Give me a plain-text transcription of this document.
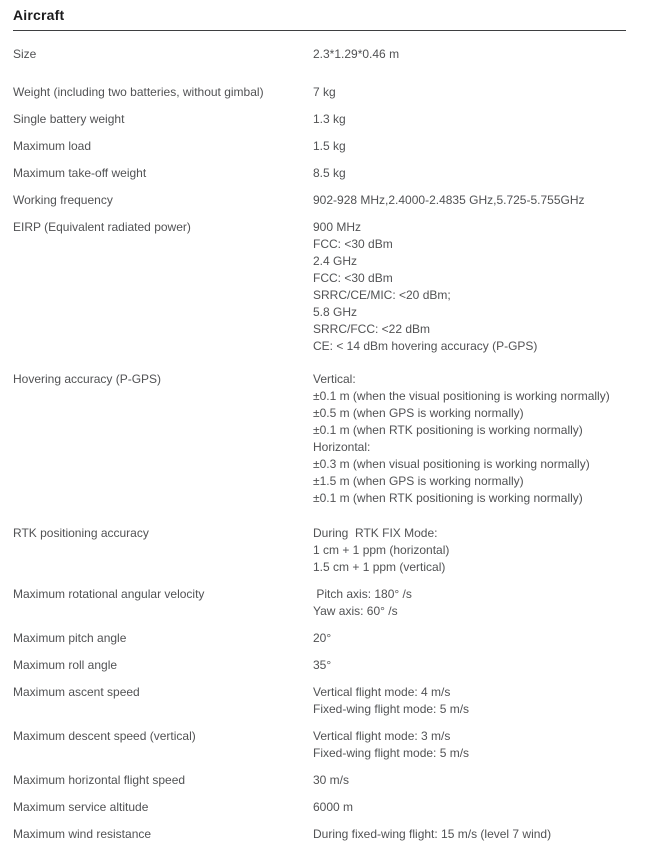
Aircraft
Size	2.3*1.29*0.46 m
Weight (including two batteries, without gimbal)	7 kg
Single battery weight	1.3 kg
Maximum load	1.5 kg
Maximum take-off weight	8.5 kg
Working frequency	902-928 MHz,2.4000-2.4835 GHz,5.725-5.755GHz
EIRP (Equivalent radiated power)	900 MHz
FCC: <30 dBm
2.4 GHz
FCC: <30 dBm
SRRC/CE/MIC: <20 dBm;
5.8 GHz
SRRC/FCC: <22 dBm
CE: < 14 dBm hovering accuracy (P-GPS)
Hovering accuracy (P-GPS)	Vertical:
±0.1 m (when the visual positioning is working normally)
±0.5 m (when GPS is working normally)
±0.1 m (when RTK positioning is working normally)
Horizontal:
±0.3 m (when visual positioning is working normally)
±1.5 m (when GPS is working normally)
±0.1 m (when RTK positioning is working normally)
RTK positioning accuracy	During  RTK FIX Mode:
1 cm + 1 ppm (horizontal)
1.5 cm + 1 ppm (vertical)
Maximum rotational angular velocity	Pitch axis: 180° /s
Yaw axis: 60° /s
Maximum pitch angle	20°
Maximum roll angle	35°
Maximum ascent speed	Vertical flight mode: 4 m/s
Fixed-wing flight mode: 5 m/s
Maximum descent speed (vertical)	Vertical flight mode: 3 m/s
Fixed-wing flight mode: 5 m/s
Maximum horizontal flight speed	30 m/s
Maximum service altitude	6000 m
Maximum wind resistance	During fixed-wing flight: 15 m/s (level 7 wind)
